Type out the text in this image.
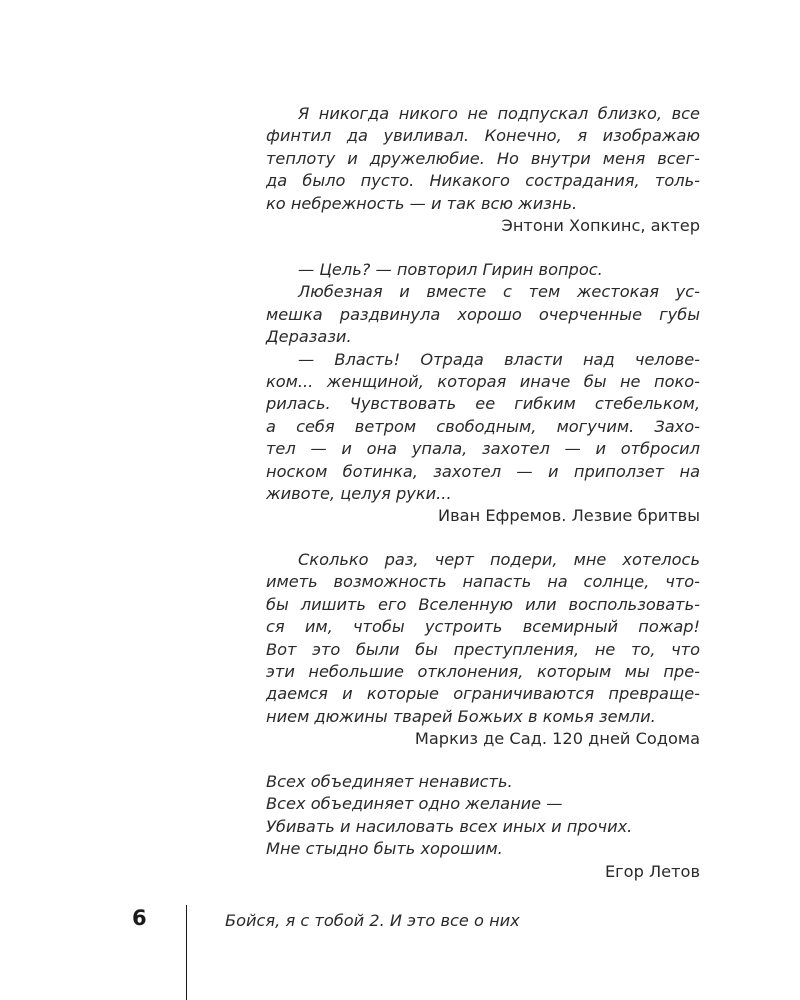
Я никогда никого не подпускал близко, все
финтил да увиливал. Конечно, я изображаю
теплоту и дружелюбие. Но внутри меня всег-
да было пусто. Никакого сострадания, толь-
ко небрежность — и так всю жизнь.
Энтони Хопкинс, актер
— Цель? — повторил Гирин вопрос.
Любезная и вместе с тем жестокая ус-
мешка раздвинула хорошо очерченные губы
Деразази.
— Власть! Отрада власти над челове-
ком... женщиной, которая иначе бы не поко-
рилась. Чувствовать ее гибким стебельком,
а себя ветром свободным, могучим. Захо-
тел — и она упала, захотел — и отбросил
носком ботинка, захотел — и приползет на
животе, целуя руки...
Иван Ефремов. Лезвие бритвы
Сколько раз, черт подери, мне хотелось
иметь возможность напасть на солнце, что-
бы лишить его Вселенную или воспользовать-
ся им, чтобы устроить всемирный пожар!
Вот это были бы преступления, не то, что
эти небольшие отклонения, которым мы пре-
даемся и которые ограничиваются превраще-
нием дюжины тварей Божьих в комья земли.
Маркиз де Сад. 120 дней Содома
Всех объединяет ненависть.
Всех объединяет одно желание —
Убивать и насиловать всех иных и прочих.
Мне стыдно быть хорошим.
Егор Летов
6	Бойся, я с тобой 2. И это все о них
